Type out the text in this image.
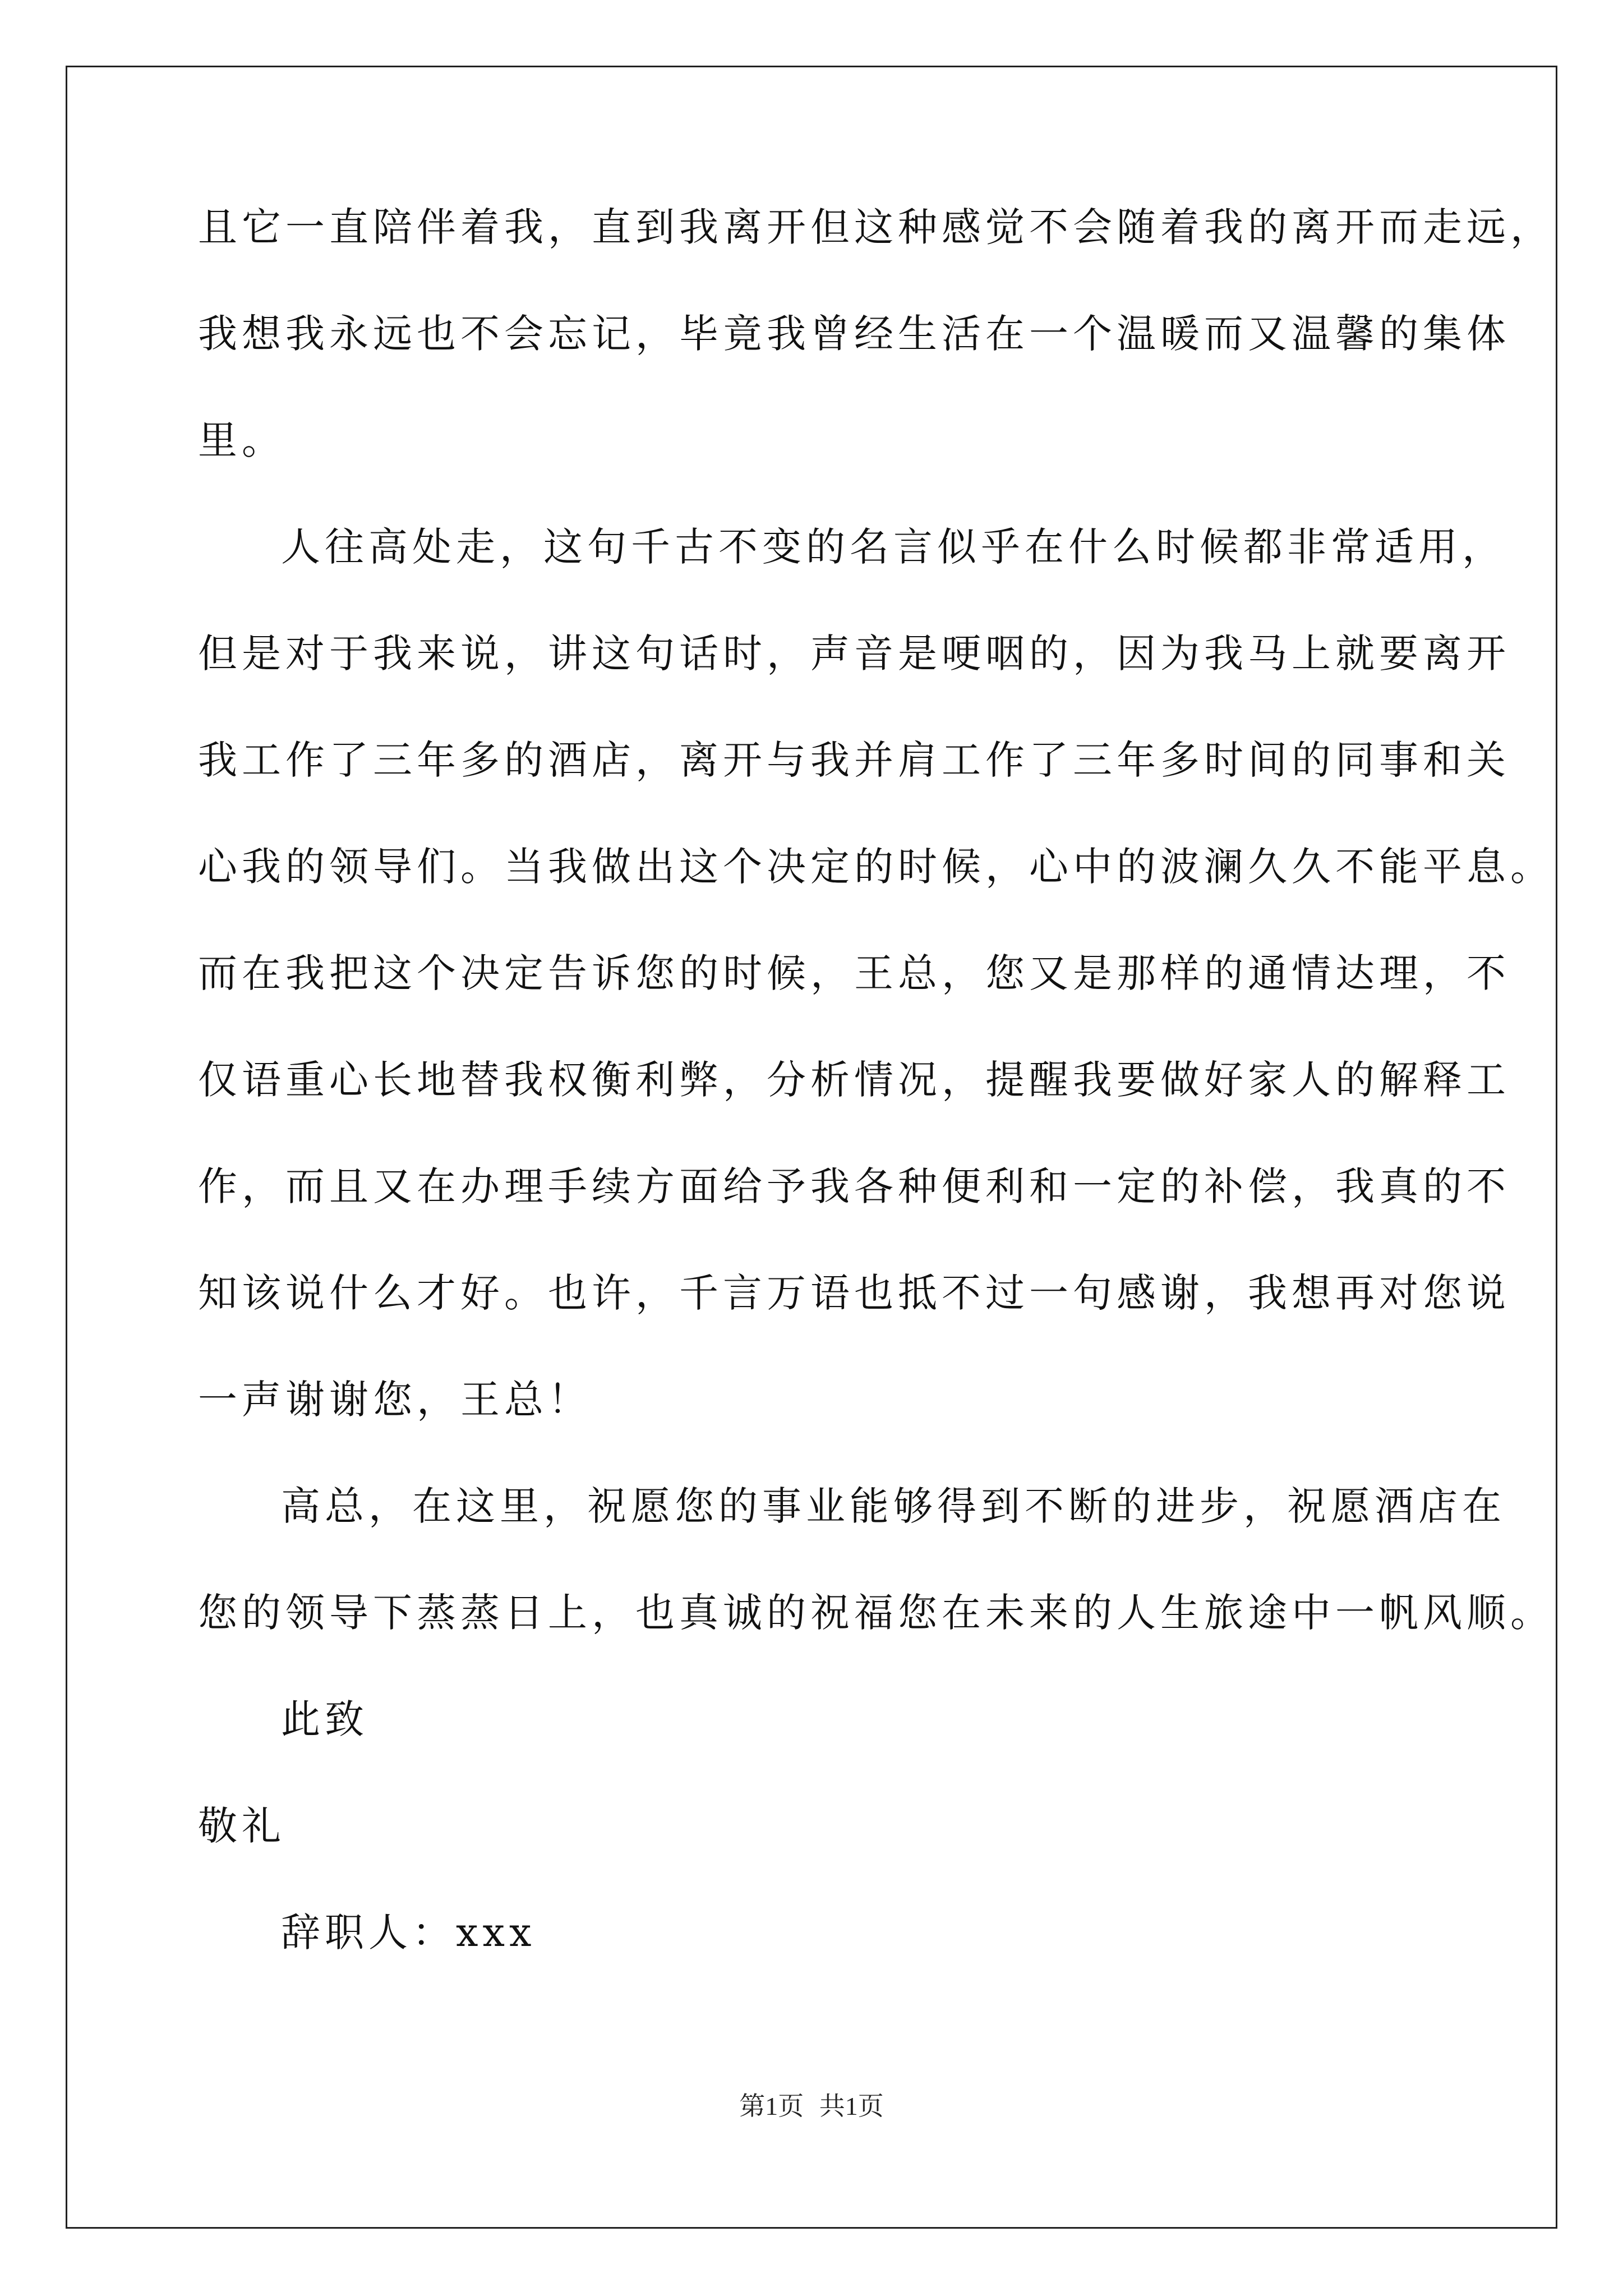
且它一直陪伴着我，直到我离开但这种感觉不会随着我的离开而走远，
我想我永远也不会忘记，毕竟我曾经生活在一个温暖而又温馨的集体
里。
人往高处走，这句千古不变的名言似乎在什么时候都非常适用，
但是对于我来说，讲这句话时，声音是哽咽的，因为我马上就要离开
我工作了三年多的酒店，离开与我并肩工作了三年多时间的同事和关
心我的领导们。当我做出这个决定的时候，心中的波澜久久不能平息。
而在我把这个决定告诉您的时候，王总，您又是那样的通情达理，不
仅语重心长地替我权衡利弊，分析情况，提醒我要做好家人的解释工
作，而且又在办理手续方面给予我各种便利和一定的补偿，我真的不
知该说什么才好。也许，千言万语也抵不过一句感谢，我想再对您说
一声谢谢您，王总！
高总，在这里，祝愿您的事业能够得到不断的进步，祝愿酒店在
您的领导下蒸蒸日上，也真诚的祝福您在未来的人生旅途中一帆风顺。
此致
敬礼
辞职人：xxx
第1页 共1页
